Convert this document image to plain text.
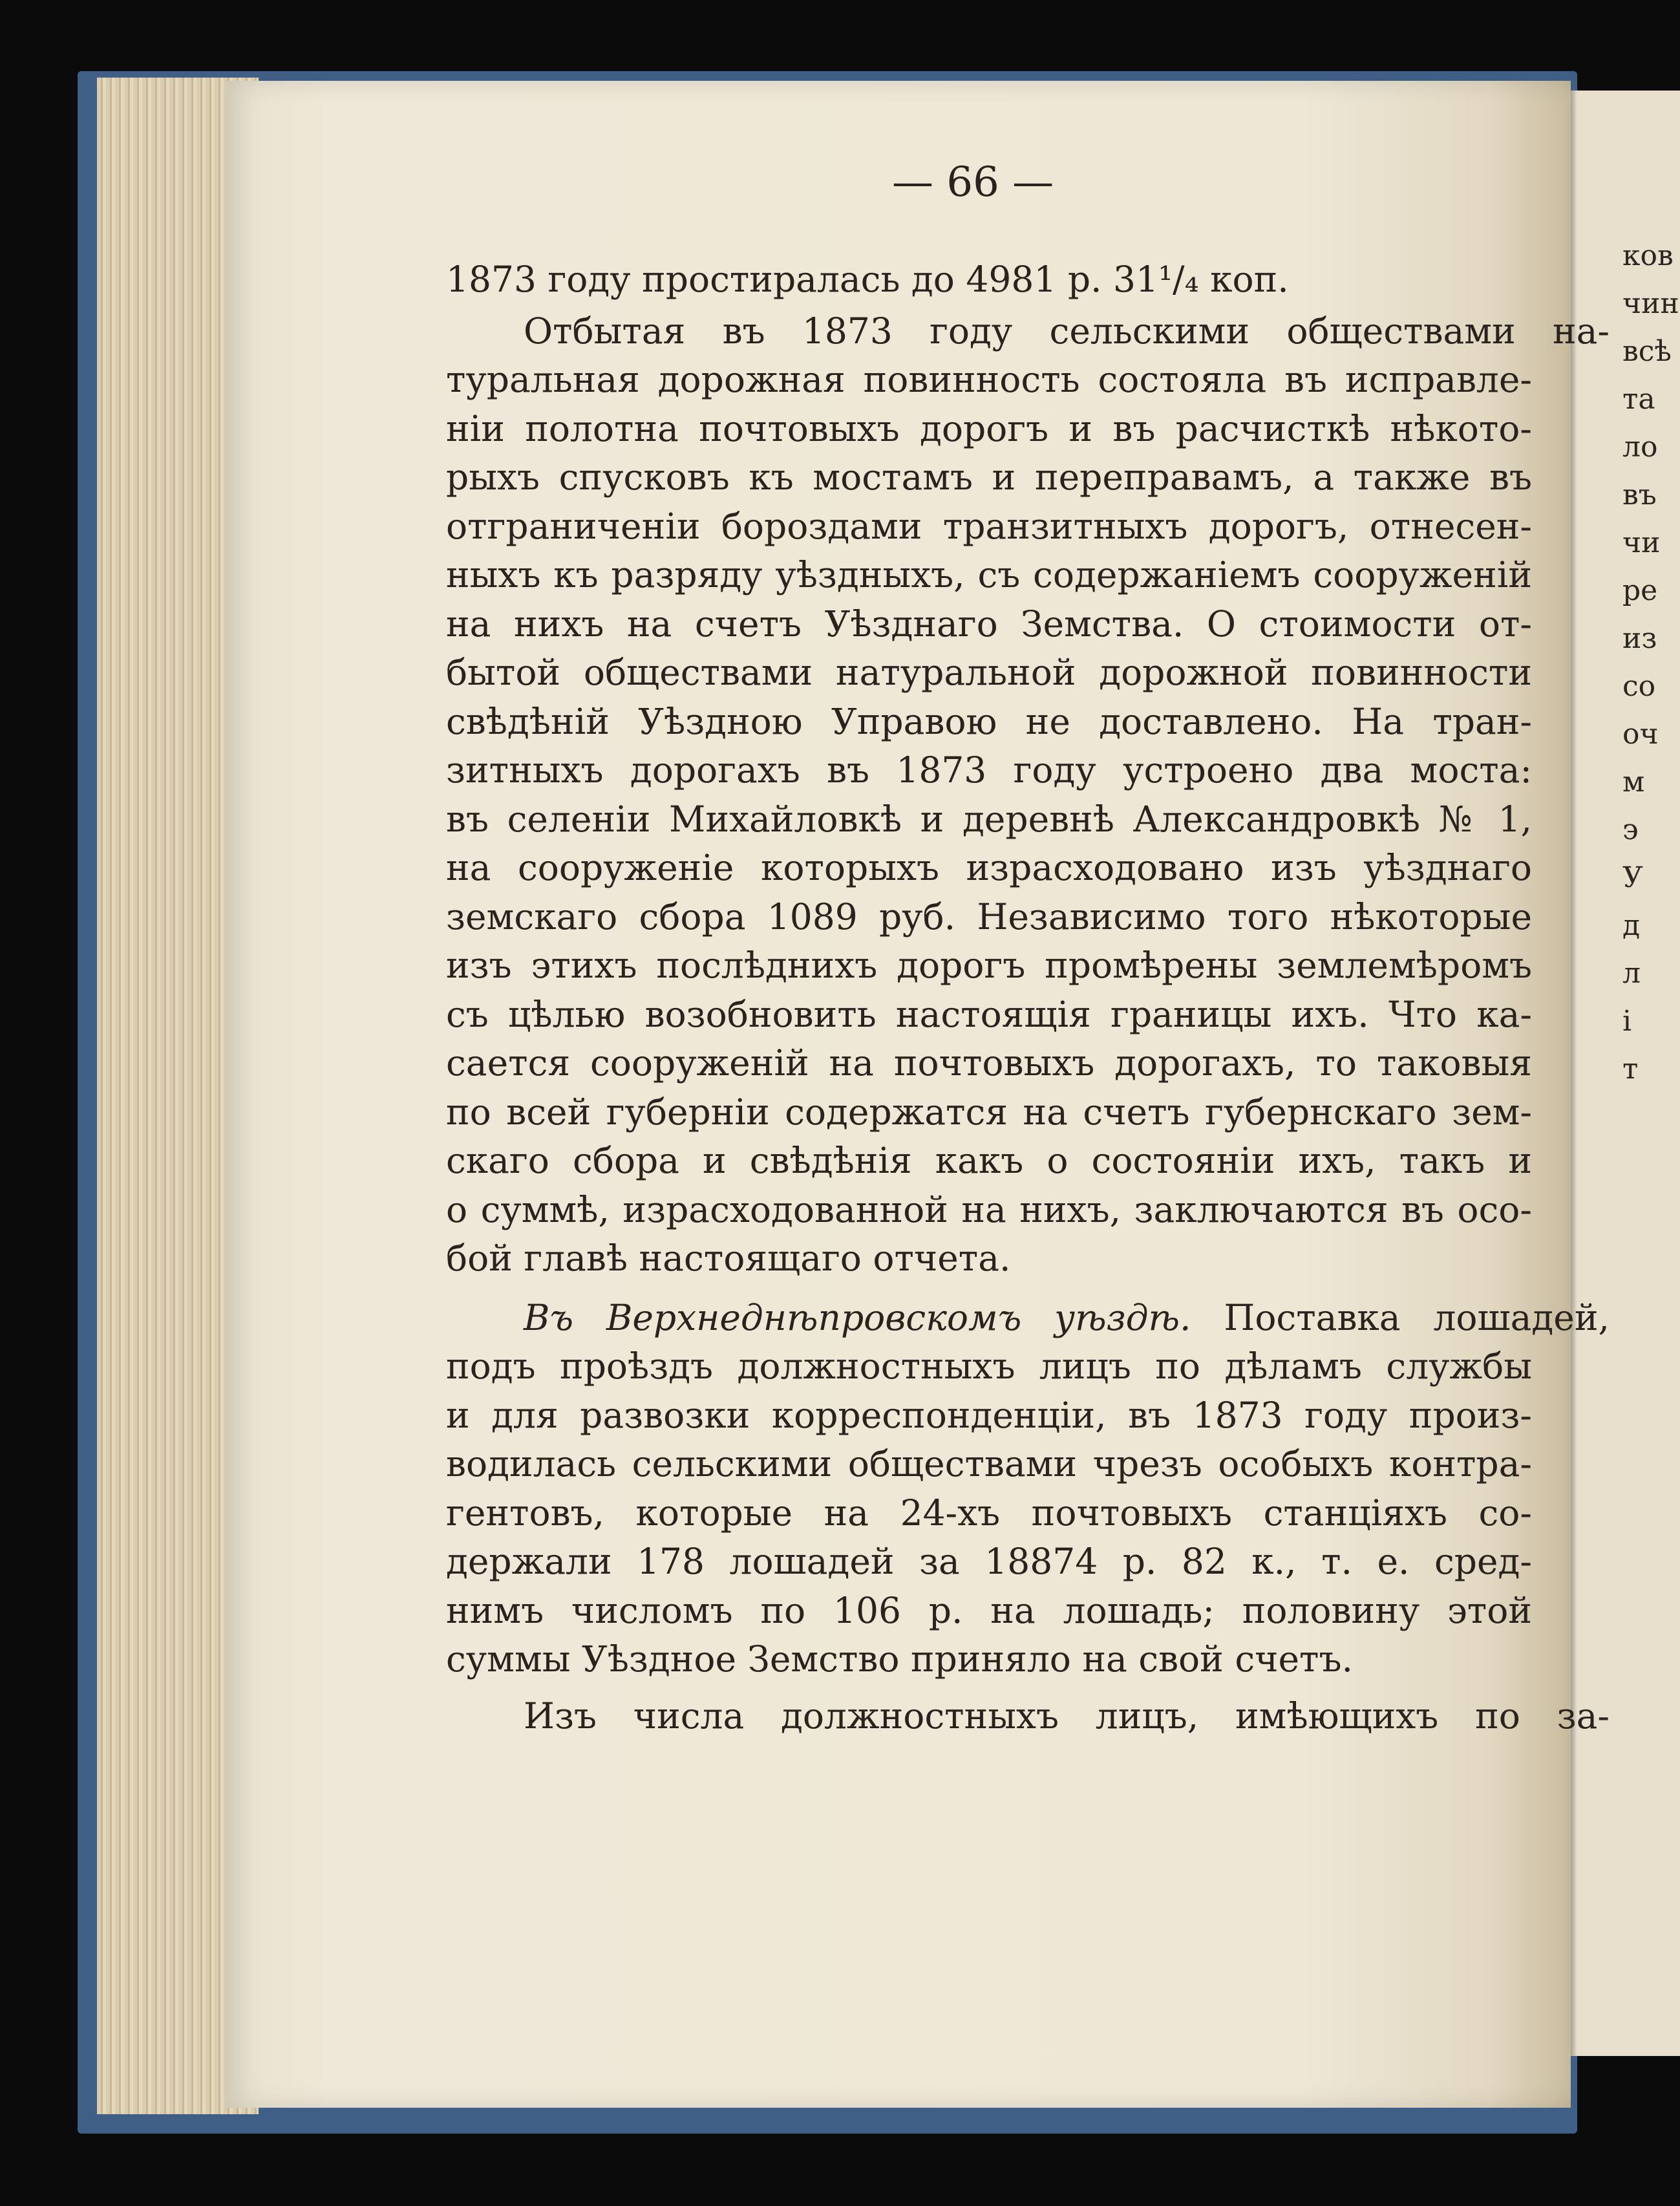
ков
чин
всѣ
та
ло
въ
чи
ре
из
со
оч
м
э
У
д
л
i
т
— 66 —
1873 году простиралась до 4981 р. 31¹/₄ коп.
Отбытая въ 1873 году сельскими обществами на-
туральная дорожная повинность состояла въ исправле-
нiи полотна почтовыхъ дорогъ и въ расчисткѣ нѣкото-
рыхъ спусковъ къ мостамъ и переправамъ, а также въ
отграниченiи бороздами транзитныхъ дорогъ, отнесен-
ныхъ къ разряду уѣздныхъ, съ содержанiемъ сооруженiй
на нихъ на счетъ Уѣзднаго Земства. О стоимости от-
бытой обществами натуральной дорожной повинности
свѣдѣнiй Уѣздною Управою не доставлено. На тран-
зитныхъ дорогахъ въ 1873 году устроено два моста:
въ селенiи Михайловкѣ и деревнѣ Александровкѣ № 1,
на сооруженiе которыхъ израсходовано изъ уѣзднаго
земскаго сбора 1089 руб. Независимо того нѣкоторые
изъ этихъ послѣднихъ дорогъ промѣрены землемѣромъ
съ цѣлью возобновить настоящiя границы ихъ. Что ка-
сается сооруженiй на почтовыхъ дорогахъ, то таковыя
по всей губернiи содержатся на счетъ губернскаго зем-
скаго сбора и свѣдѣнiя какъ о состоянiи ихъ, такъ и
о суммѣ, израсходованной на нихъ, заключаются въ осо-
бой главѣ настоящаго отчета.
Въ Верхнеднѣпровскомъ уѣздѣ. Поставка лошадей,
подъ проѣздъ должностныхъ лицъ по дѣламъ службы
и для развозки корреспонденцiи, въ 1873 году произ-
водилась сельскими обществами чрезъ особыхъ контра-
гентовъ, которые на 24-хъ почтовыхъ станцiяхъ со-
держали 178 лошадей за 18874 р. 82 к., т. е. сред-
нимъ числомъ по 106 р. на лошадь; половину этой
суммы Уѣздное Земство приняло на свой счетъ.
Изъ числа должностныхъ лицъ, имѣющихъ по за-
